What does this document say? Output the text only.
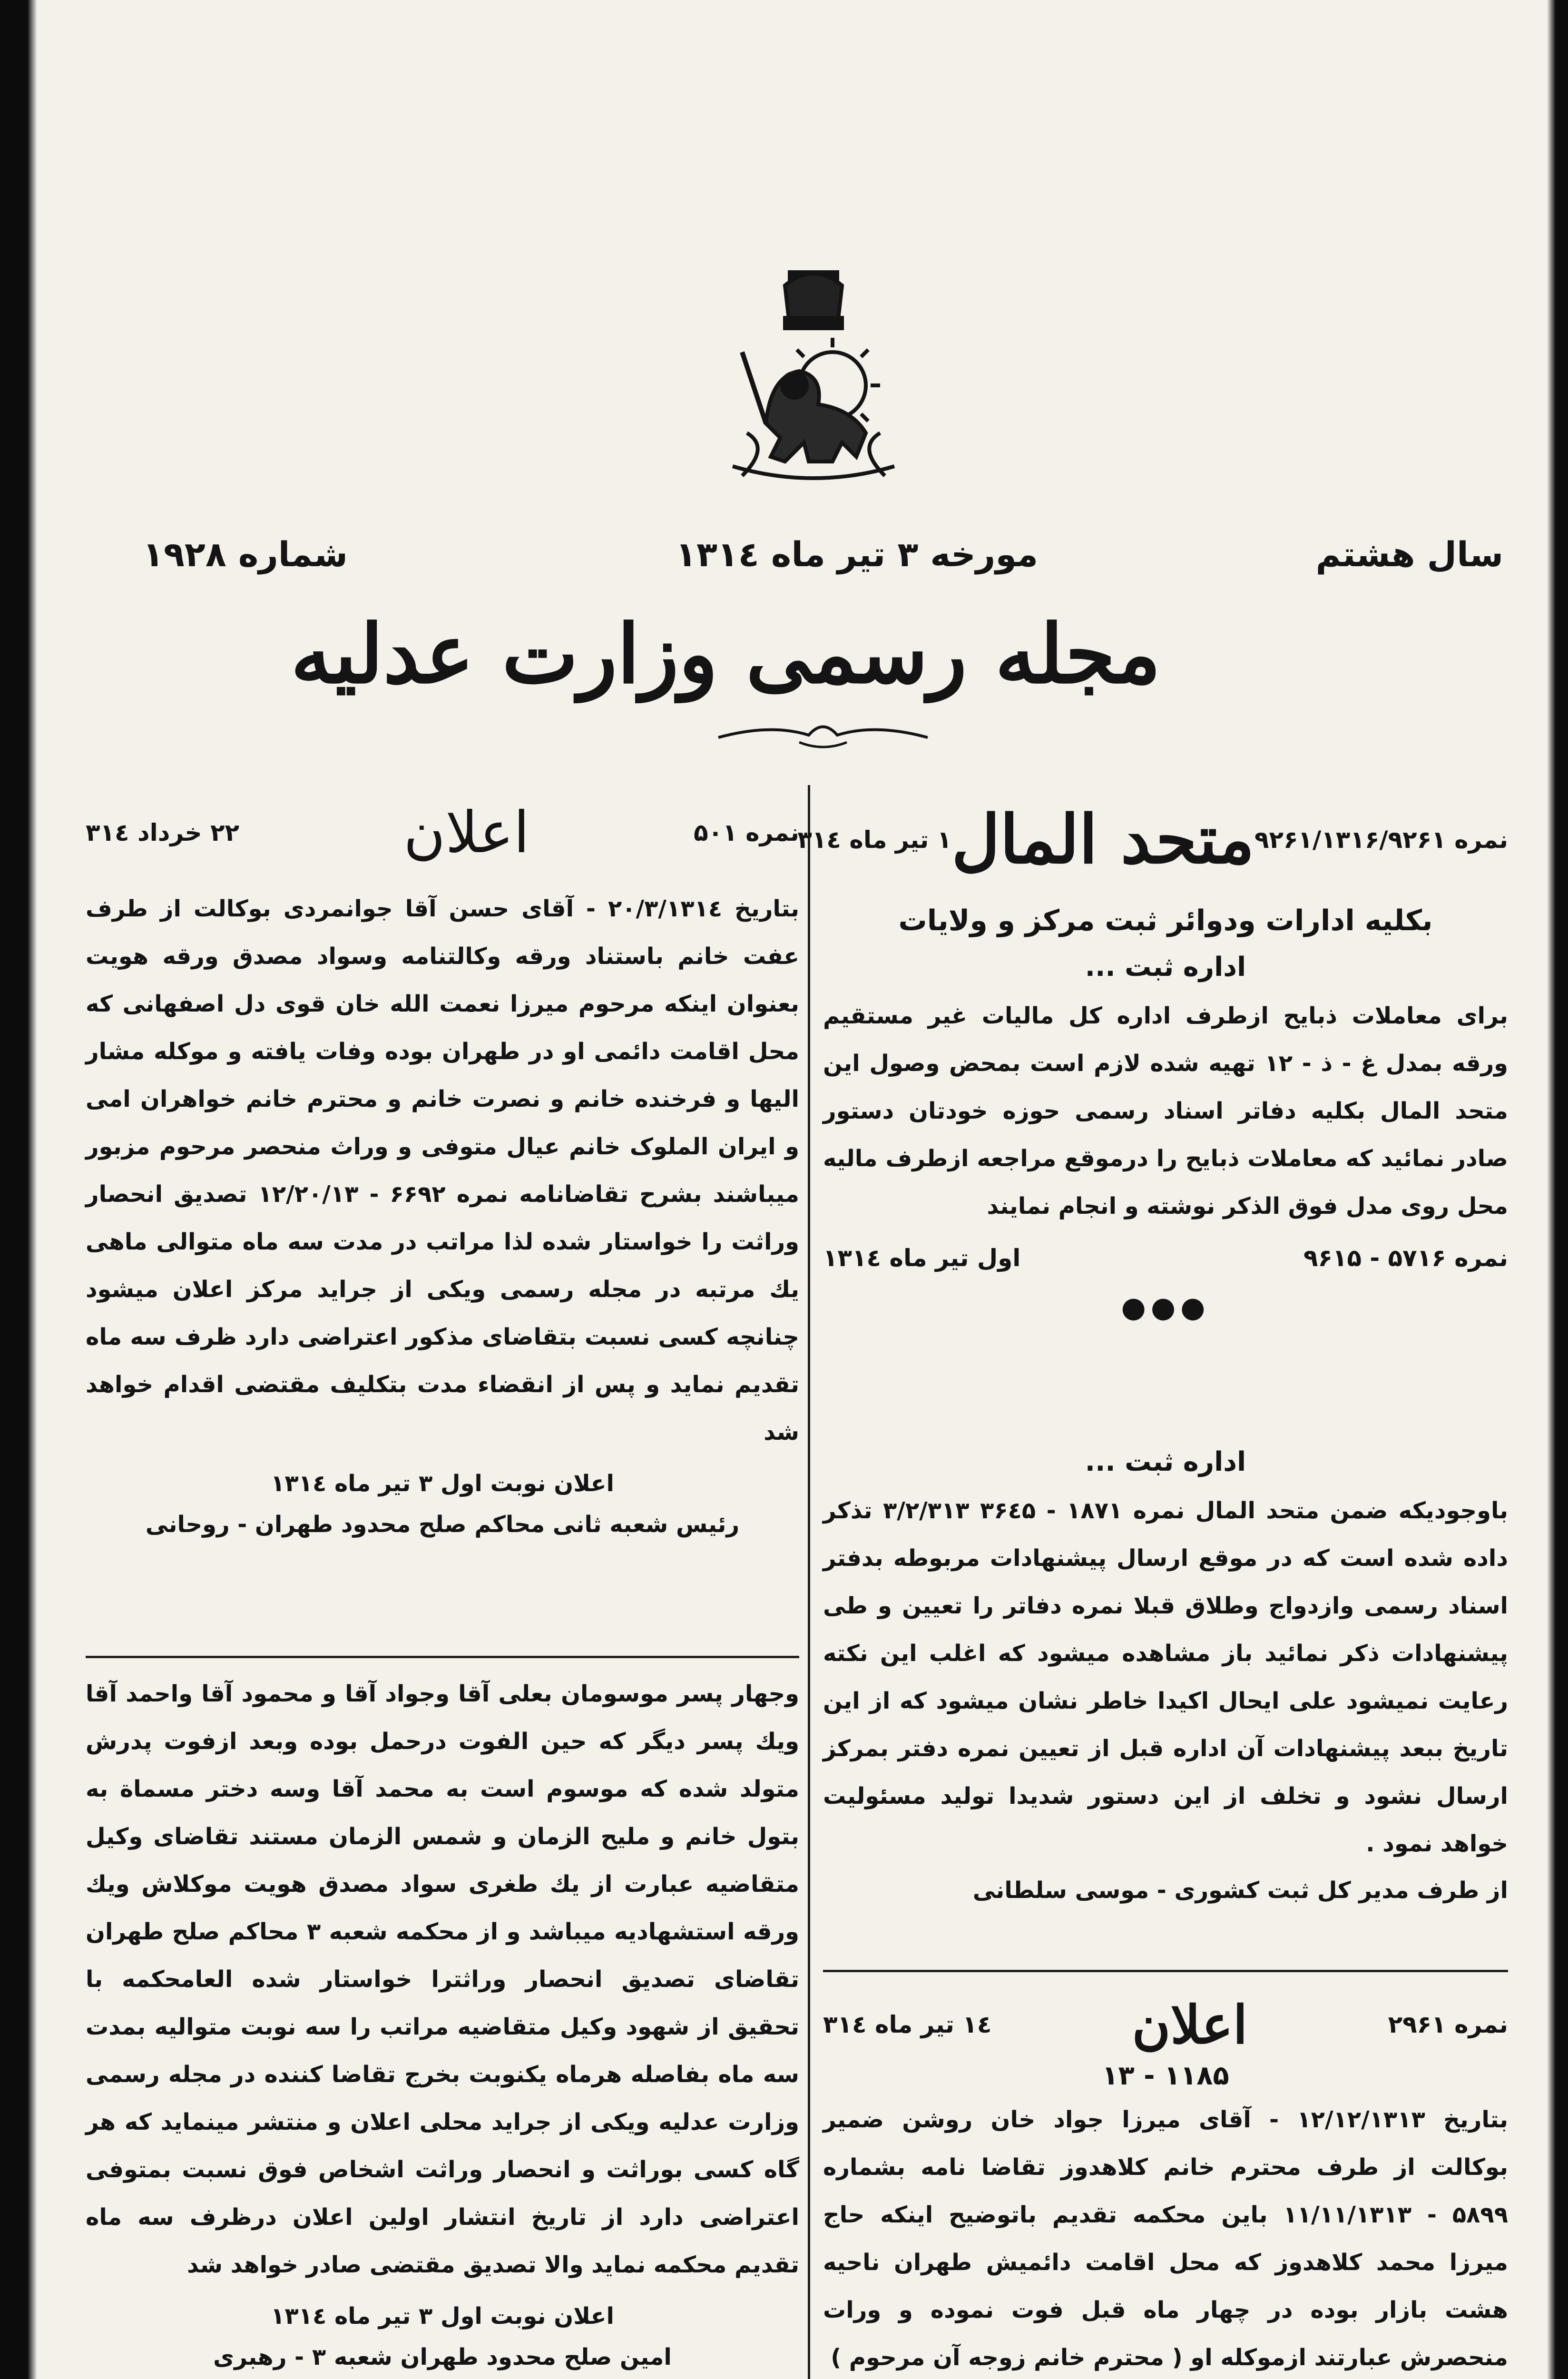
سال هشتم
مورخه ۳ تیر ماه ۱۳۱٤
شماره ۱۹۲۸
مجله رسمی وزارت عدلیه
نمره ۹۲۶۱/۱۳۱۶/۹۲۶۱
متحد المال
۱ تیر ماه ۳۱٤
بکلیه ادارات ودوائر ثبت مرکز و ولایات
اداره ثبت ...
برای معاملات ذبایح ازطرف اداره کل مالیات غیر مستقیم ورقه بمدل غ - ذ - ۱۲ تهیه شده لازم است بمحض وصول این متحد المال بکلیه دفاتر اسناد رسمی حوزه خودتان دستور صادر نمائید که معاملات ذبایح را درموقع مراجعه ازطرف مالیه محل روی مدل فوق الذکر نوشته و انجام نمایند
نمره ۵۷۱۶ - ۹۶۱۵
اول تیر ماه ۱۳۱٤
●●●
اداره ثبت ...
باوجودیکه ضمن متحد المال نمره ۱۸۷۱ - ۳۶٤۵ ۳/۲/۳۱۳ تذکر داده شده است که در موقع ارسال پیشنهادات مربوطه بدفتر اسناد رسمی وازدواج وطلاق قبلا نمره دفاتر را تعیین و طی پیشنهادات ذکر نمائید باز مشاهده میشود که اغلب این نکته رعایت نمیشود علی ایحال اکیدا خاطر نشان میشود که از این تاریخ ببعد پیشنهادات آن اداره قبل از تعیین نمره دفتر بمرکز ارسال نشود و تخلف از این دستور شدیدا تولید مسئولیت خواهد نمود .
از طرف مدیر کل ثبت کشوری - موسی سلطانی
نمره ۲۹۶۱
اعلان
۱٤ تیر ماه ۳۱٤
۱۱۸۵ - ۱۳
بتاریخ ۱۲/۱۲/۱۳۱۳ - آقای میرزا جواد خان روشن ضمیر بوکالت از طرف محترم خانم کلاهدوز تقاضا نامه بشماره ۵۸۹۹ - ۱۱/۱۱/۱۳۱۳ باین محکمه تقدیم باتوضیح اینکه حاج میرزا محمد کلاهدوز که محل اقامت دائمیش طهران ناحیه هشت بازار بوده در چهار ماه قبل فوت نموده و ورات منحصرش عبارتند ازموکله او ( محترم خانم زوجه آن مرحوم )
نمره ۵۰۱
اعلان
۲۲ خرداد ۳۱٤
بتاریخ ۲۰/۳/۱۳۱٤ - آقای حسن آقا جوانمردی بوکالت از طرف عفت خانم باستناد ورقه وکالتنامه وسواد مصدق ورقه هویت بعنوان اینکه مرحوم میرزا نعمت الله خان قوی دل اصفهانی که محل اقامت دائمی او در طهران بوده وفات یافته و موکله مشار الیها و فرخنده خانم و نصرت خانم و محترم خانم خواهران امی و ایران الملوک خانم عیال متوفی و وراث منحصر مرحوم مزبور میباشند بشرح تقاضانامه نمره ۶۶۹۲ - ۱۲/۲۰/۱۳ تصدیق انحصار وراثت را خواستار شده لذا مراتب در مدت سه ماه متوالی ماهی یك مرتبه در مجله رسمی ویکی از جراید مرکز اعلان میشود چنانچه کسی نسبت بتقاضای مذکور اعتراضی دارد ظرف سه ماه تقدیم نماید و پس از انقضاء مدت بتکلیف مقتضی اقدام خواهد شد
اعلان نوبت اول ۳ تیر ماه ۱۳۱٤
رئیس شعبه ثانی محاکم صلح محدود طهران - روحانی
وجهار پسر موسومان بعلی آقا وجواد آقا و محمود آقا واحمد آقا ویك پسر دیگر که حین الفوت درحمل بوده وبعد ازفوت پدرش متولد شده که موسوم است به محمد آقا وسه دختر مسماة به بتول خانم و ملیح الزمان و شمس الزمان مستند تقاضای وکیل متقاضیه عبارت از یك طغری سواد مصدق هویت موکلاش ویك ورقه استشهادیه میباشد و از محکمه شعبه ۳ محاکم صلح طهران تقاضای تصدیق انحصار وراثترا خواستار شده العامحکمه با تحقیق از شهود وکیل متقاضیه مراتب را سه نوبت متوالیه بمدت سه ماه بفاصله هرماه یکنوبت بخرج تقاضا کننده در مجله رسمی وزارت عدلیه ویکی از جراید محلی اعلان و منتشر مینماید که هر گاه کسی بوراثت و انحصار وراثت اشخاص فوق نسبت بمتوفی اعتراضی دارد از تاریخ انتشار اولین اعلان درظرف سه ماه تقدیم محکمه نماید والا تصدیق مقتضی صادر خواهد شد
اعلان نوبت اول ۳ تیر ماه ۱۳۱٤
امین صلح محدود طهران شعبه ۳ - رهبری
